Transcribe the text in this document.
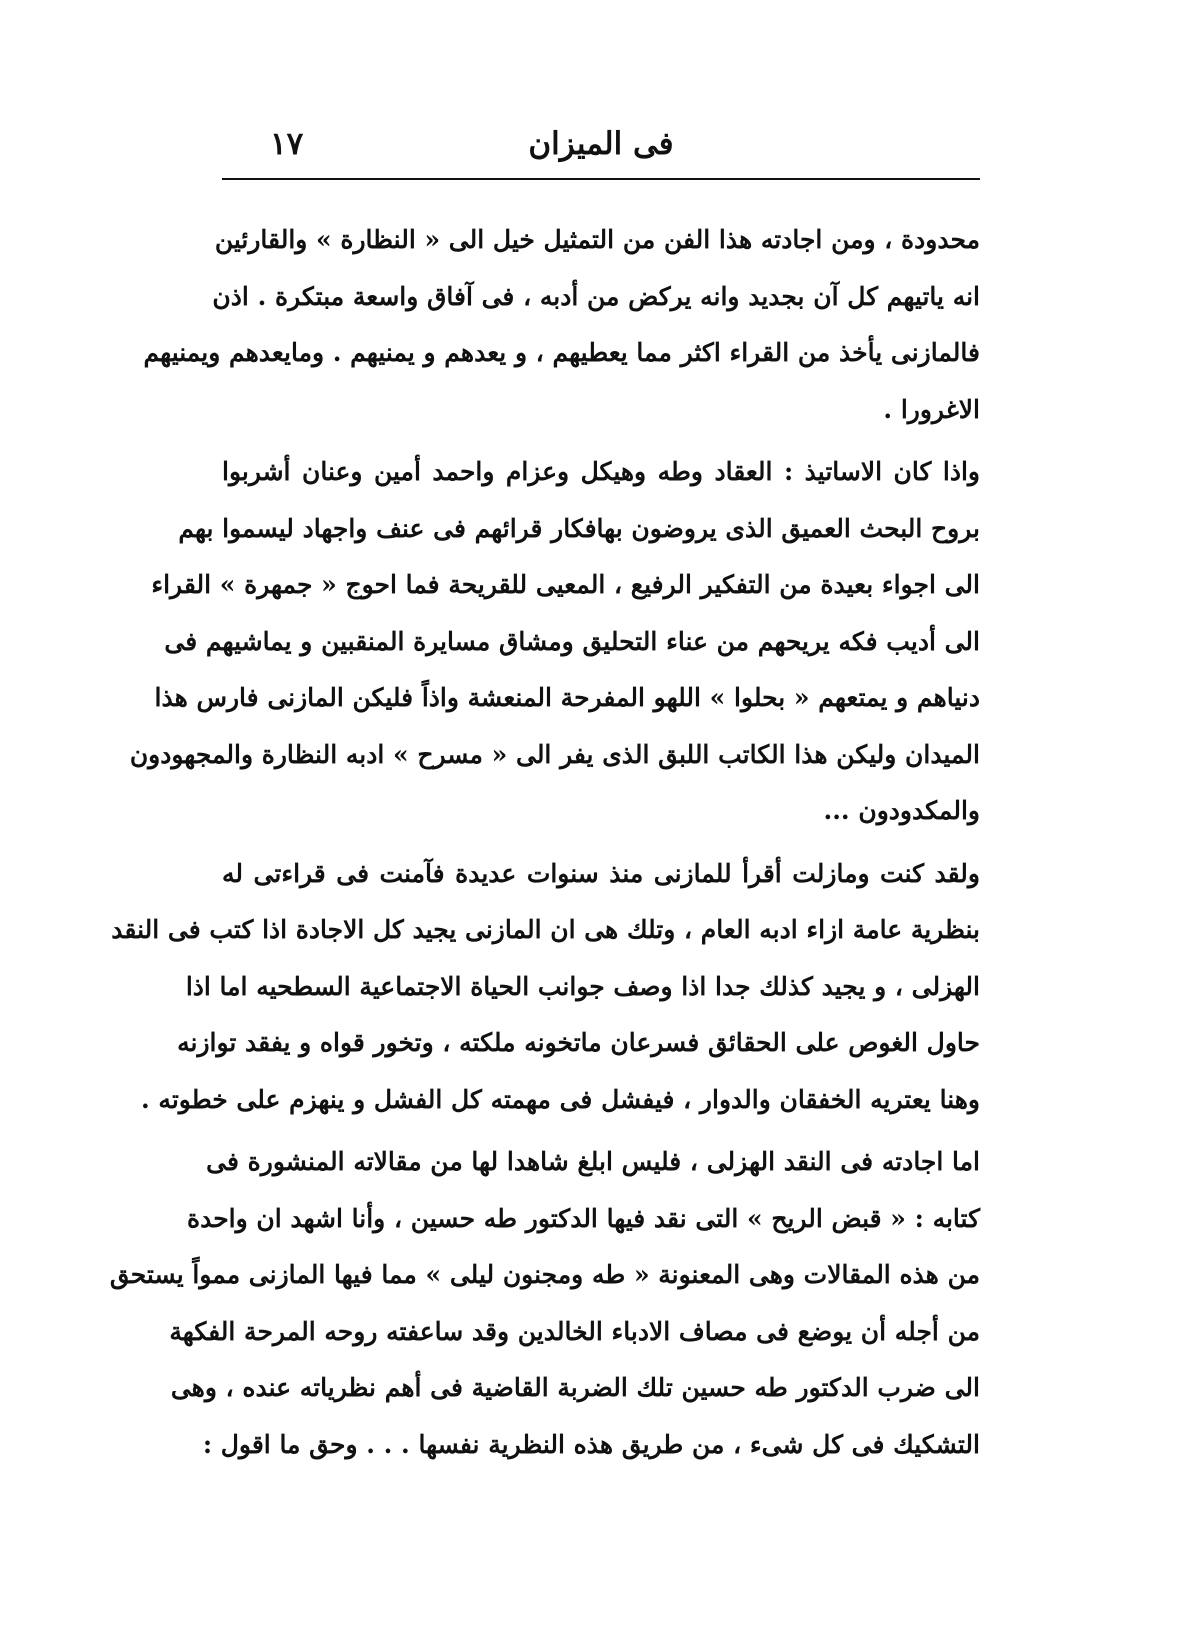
فى الميزان
١٧
محدودة ، ومن اجادته هذا الفن من التمثيل خيل الى « النظارة » والقارئين
انه ياتيهم كل آن بجديد وانه يركض من أدبه ، فى آفاق واسعة مبتكرة . اذن
فالمازنى يأخذ من القراء اكثر مما يعطيهم ، و يعدهم و يمنيهم . ومايعدهم ويمنيهم
الاغرورا .
واذا كان الاساتيذ : العقاد وطه وهيكل وعزام واحمد أمين وعنان أشربوا
بروح البحث العميق الذى يروضون بهافكار قرائهم فى عنف واجهاد ليسموا بهم
الى اجواء بعيدة من التفكير الرفيع ، المعيى للقريحة فما احوج « جمهرة » القراء
الى أديب فكه يريحهم من عناء التحليق ومشاق مسايرة المنقبين و يماشيهم فى
دنياهم و يمتعهم « بحلوا » اللهو المفرحة المنعشة واذاً فليكن المازنى فارس هذا
الميدان وليكن هذا الكاتب اللبق الذى يفر الى « مسرح » ادبه النظارة والمجهودون
والمكدودون ...
ولقد كنت ومازلت أقرأ للمازنى منذ سنوات عديدة فآمنت فى قراءتى له
بنظرية عامة ازاء ادبه العام ، وتلك هى ان المازنى يجيد كل الاجادة اذا كتب فى النقد
الهزلى ، و يجيد كذلك جدا اذا وصف جوانب الحياة الاجتماعية السطحيه اما اذا
حاول الغوص على الحقائق فسرعان ماتخونه ملكته ، وتخور قواه و يفقد توازنه
وهنا يعتريه الخفقان والدوار ، فيفشل فى مهمته كل الفشل و ينهزم على خطوته .
اما اجادته فى النقد الهزلى ، فليس ابلغ شاهدا لها من مقالاته المنشورة فى
كتابه : « قبض الريح » التى نقد فيها الدكتور طه حسين ، وأنا اشهد ان واحدة
من هذه المقالات وهى المعنونة « طه ومجنون ليلى » مما فيها المازنى ممواً يستحق
من أجله أن يوضع فى مصاف الادباء الخالدين وقد ساعفته روحه المرحة الفكهة
الى ضرب الدكتور طه حسين تلك الضربة القاضية فى أهم نظرياته عنده ، وهى
التشكيك فى كل شىء ، من طريق هذه النظرية نفسها . . . وحق ما اقول :
